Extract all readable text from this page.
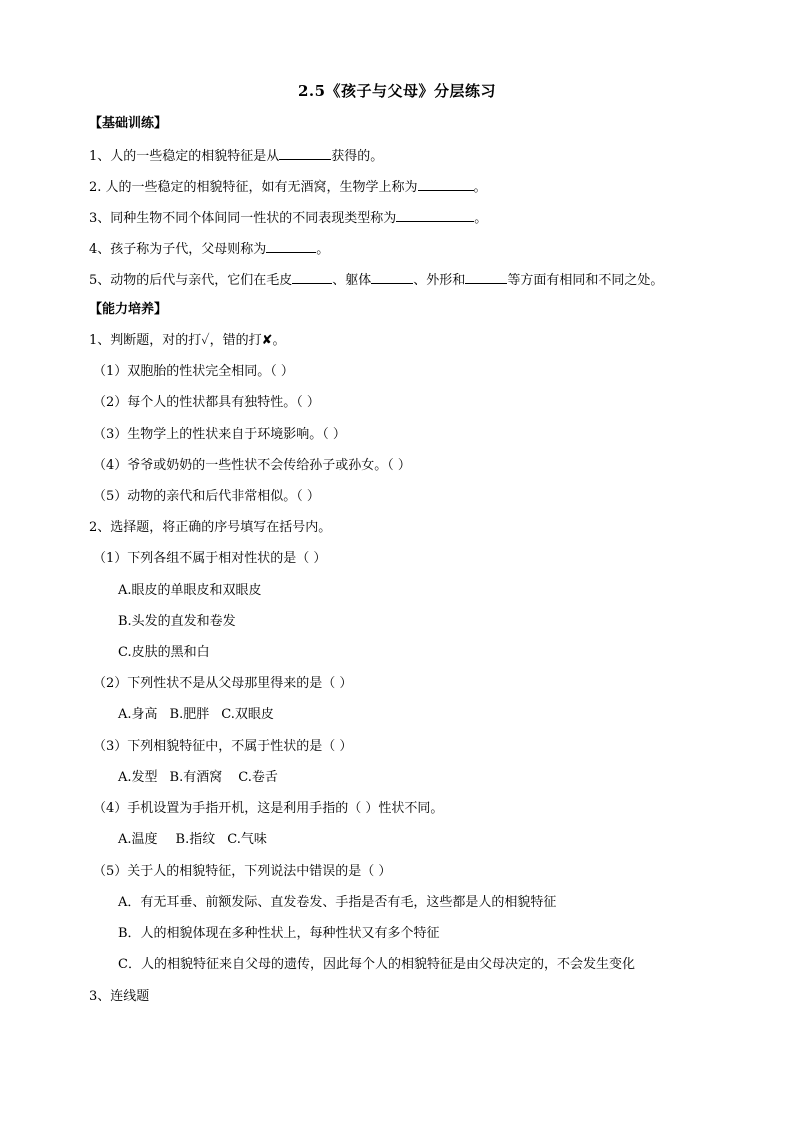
2.5《孩子与父母》分层练习
【基础训练】
1、人的一些稳定的相貌特征是从	获得的。
2. 人的一些稳定的相貌特征，如有无酒窝，生物学上称为	。
3、同种生物不同个体间同一性状的不同表现类型称为	。
4、孩子称为子代，父母则称为	。
5、动物的后代与亲代，它们在毛皮	、躯体	、外形和	等方面有相同和不同之处。
【能力培养】
1、判断题，对的打✓，错的打✘。
（1）双胞胎的性状完全相同。（ ）
（2）每个人的性状都具有独特性。（ ）
（3）生物学上的性状来自于环境影响。（ ）
（4）爷爷或奶奶的一些性状不会传给孙子或孙女。（ ）
（5）动物的亲代和后代非常相似。（ ）
2、选择题，将正确的序号填写在括号内。
（1）下列各组不属于相对性状的是（ ）
A.眼皮的单眼皮和双眼皮
B.头发的直发和卷发
C.皮肤的黑和白
（2）下列性状不是从父母那里得来的是（ ）
A.身高 B.肥胖 C.双眼皮
（3）下列相貌特征中，不属于性状的是（ ）
A.发型 B.有酒窝 C.卷舌
（4）手机设置为手指开机，这是利用手指的（ ）性状不同。
A.温度 B.指纹 C.气味
（5）关于人的相貌特征，下列说法中错误的是（ ）
A．有无耳垂、前额发际、直发卷发、手指是否有毛，这些都是人的相貌特征
B．人的相貌体现在多种性状上，每种性状又有多个特征
C．人的相貌特征来自父母的遗传，因此每个人的相貌特征是由父母决定的，不会发生变化
3、连线题
